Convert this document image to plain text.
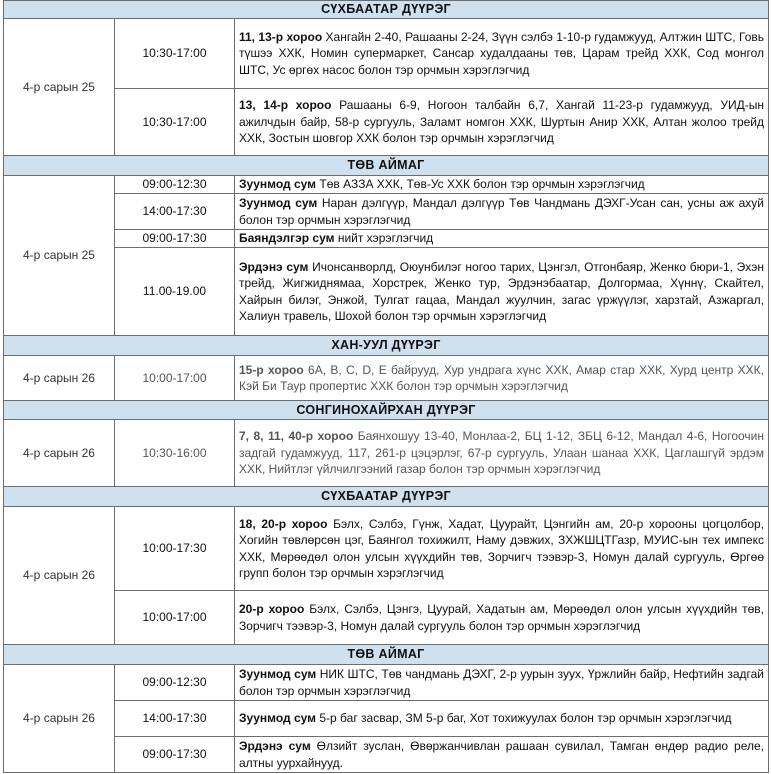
СҮХБААТАР ДҮҮРЭГ		
4-р сарын 25	10:30-17:00	11, 13-р хороо Хангайн 2-40, Рашааны 2-24, Зүүн сэлбэ 1-10-р гудамжууд, Алтжин ШТС, Говь түшээ ХХК, Номин супермаркет, Сансар худалдааны төв, Царам трейд ХХК, Сод монгол ШТС, Ус өргөх насос болон тэр орчмын хэрэглэгчид
	10:30-17:00	13, 14-р хороо Рашааны 6-9, Ногоон талбайн 6,7, Хангай 11-23-р гудамжууд, УИД-ын ажилчдын байр, 58-р сургууль, Заламт номгон ХХК, Шуртын Анир ХХК, Алтан жолоо трейд ХХК, Зостын шовгор ХХК болон тэр орчмын хэрэглэгчид
ТӨВ АЙМАГ		
4-р сарын 25	09:00-12:30	Зуунмод сум Төв АЗЗА ХХК, Төв-Ус ХХК болон тэр орчмын хэрэглэгчид
	14:00-17:30	Зуунмод сум Наран дэлгүүр, Мандал дэлгүүр Төв Чандмань ДЭХГ-Усан сан, усны аж ахуй болон тэр орчмын хэрэглэгчид
	09:00-17:30	Баяндэлгэр сум нийт хэрэглэгчид
	11.00-19.00	Эрдэнэ сум Ичонсанворлд, Оюунбилэг ногоо тарих, Цэнгэл, Отгонбаяр, Женко бюри-1, Эхэн трейд, Жигжиднямаа, Хорстрек, Женко тур, Эрдэнэбаатар, Долгормаа, Хүннү, Скайтел, Хайрын билэг, Энжой, Тулгат гацаа, Мандал жуулчин, загас үржүүлэг, харзтай, Азжаргал, Халиун травель, Шохой болон тэр орчмын хэрэглэгчид
ХАН-УУЛ ДҮҮРЭГ		
4-р сарын 26	10:00-17:00	15-р хороо 6А, В, С, D, Е байрууд, Хур ундрага хүнс ХХК, Амар стар ХХК, Хурд центр ХХК, Кэй Би Таур пропертис ХХК болон тэр орчмын хэрэглэгчид
СОНГИНОХАЙРХАН ДҮҮРЭГ		
4-р сарын 26	10:30-16:00	7, 8, 11, 40-р хороо Баянхошуу 13-40, Монлаа-2, БЦ 1-12, ЗБЦ 6-12, Мандал 4-6, Ногоочин задгай гудамжууд, 117, 261-р цэцэрлэг, 67-р сургууль, Улаан шанаа ХХК, Цаглашгүй эрдэм ХХК, Нийтлэг үйлчилгээний газар болон тэр орчмын хэрэглэгчид
СҮХБААТАР ДҮҮРЭГ		
4-р сарын 26	10:00-17:30	18, 20-р хороо Бэлх, Сэлбэ, Гүнж, Хадат, Цуурайт, Цэнгийн ам, 20-р хорооны цогцолбор, Хогийн төвлөрсөн цэг, Баянгол тохижилт, Наму дэвжих, ЗХЖШЦТГазр, МУИС-ын тех импекс ХХК, Мөрөөдөл олон улсын хүүхдийн төв, Зорчигч тээвэр-3, Номун далай сургууль, Өргөө групп болон тэр орчмын хэрэглэгчид
	10:00-17:00	20-р хороо Бэлх, Сэлбэ, Цэнгэ, Цуурай, Хадатын ам, Мөрөөдөл олон улсын хүүхдийн төв, Зорчигч тээвэр-3, Номун далай сургууль болон тэр орчмын хэрэглэгчид
ТӨВ АЙМАГ		
4-р сарын 26	09:00-12:30	Зуунмод сум НИК ШТС, Төв чандмань ДЭХГ, 2-р уурын зуух, Үржлийн байр, Нефтийн задгай болон тэр орчмын хэрэглэгчид
	14:00-17:30	Зуунмод сум 5-р баг засвар, ЗМ 5-р баг, Хот тохижуулах болон тэр орчмын хэрэглэгчид
	09:00-17:30	Эрдэнэ сум Өлзийт зуслан, Өвөржанчивлан рашаан сувилал, Тамган өндөр радио реле, алтны уурхайнууд.
